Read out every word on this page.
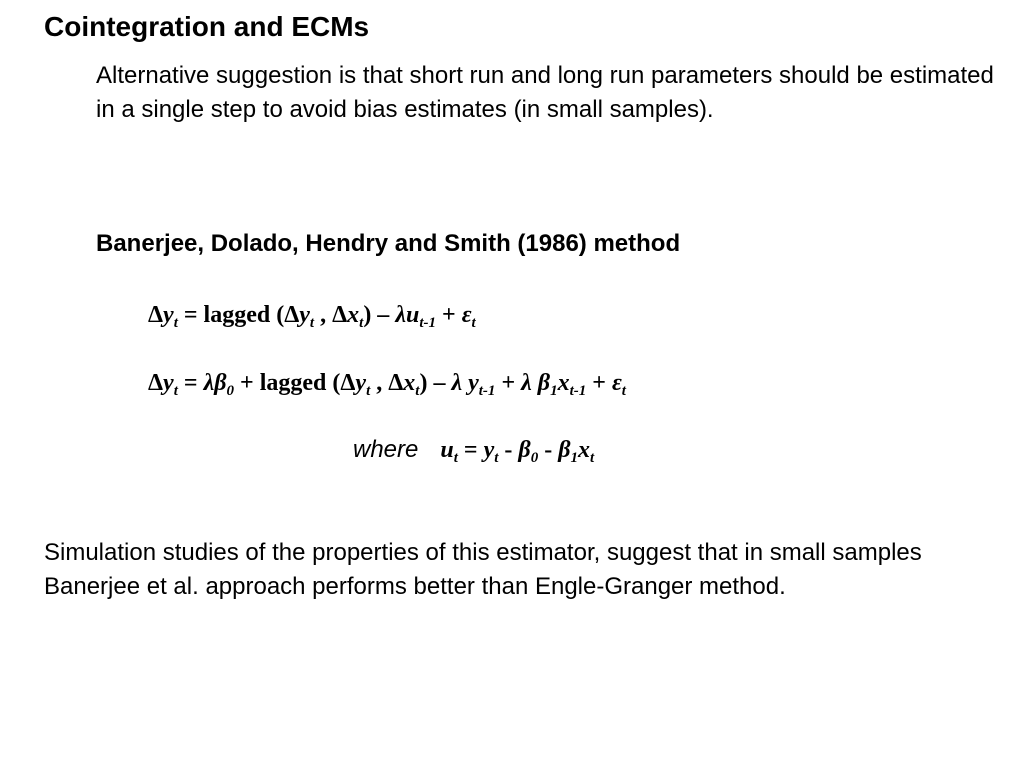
Cointegration and ECMs
Alternative suggestion is that short run and long run parameters should be estimated in a single step to avoid bias estimates (in small samples).
Banerjee, Dolado, Hendry and Smith (1986) method
$\Delta y_t$ = lagged ($\Delta y_t$ , $\Delta x_t) - \lambda u_{t-1} + \varepsilon_t$
$\Delta y_t = \lambda\beta_0$ + lagged ($\Delta y_t$ , $\Delta x_t$) – λ $y_{t-1} + \lambda$ $\beta_1x_{t-1} + \varepsilon_t$
where $u_t = y_t - \beta_0 - \beta_1x_t$
Simulation studies of the properties of this estimator, suggest that in small samples Banerjee et al. approach performs better than Engle-Granger method.
